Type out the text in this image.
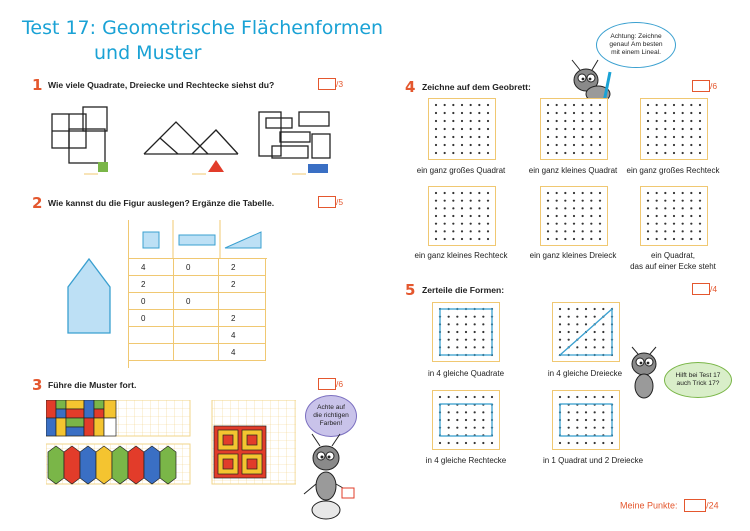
Test 17: Geometrische Flächenformen
und Muster
1 Wie viele Quadrate, Dreiecke und Rechtecke siehst du?	/3
2 Wie kannst du die Figur auslegen? Ergänze die Tabelle.	/5
4	0	2
2		2
0	0	
0		2
		4
		4
3 Führe die Muster fort.	/6
Achte auf
die richtigen
Farben!
4 Zeichne auf dem Geobrett:	/6
Achtung: Zeichne
genau! Am besten
mit einem Lineal.
ein ganz großes Quadrat	ein ganz kleines Quadrat	ein ganz großes Rechteck
ein ganz kleines Rechteck	ein ganz kleines Dreieck	ein Quadrat,
das auf einer Ecke steht
5 Zerteile die Formen:	/4
in 4 gleiche Quadrate	in 4 gleiche Dreiecke
in 4 gleiche Rechtecke	in 1 Quadrat und 2 Dreiecke
Hilft bei Test 17
auch Trick 17?
Meine Punkte:	/24
